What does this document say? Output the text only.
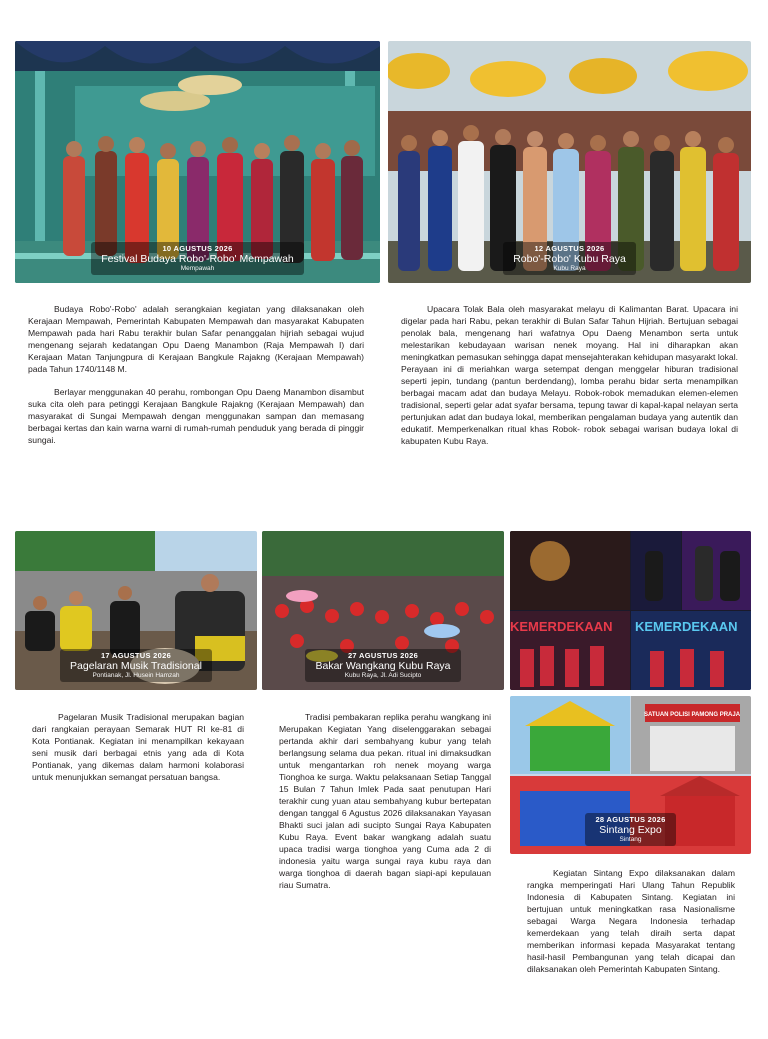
10 AGUSTUS 2026
Festival Budaya Robo'-Robo' Mempawah
Mempawah
12 AGUSTUS 2026
Robo'-Robo' Kubu Raya
Kubu Raya

Budaya Robo'-Robo' adalah serangkaian kegiatan yang dilaksanakan oleh Kerajaan Mempawah, Pemerintah Kabupaten Mempawah dan masyarakat Kabupaten Mempawah pada hari Rabu terakhir bulan Safar penanggalan hijriah sebagai wujud mengenang sejarah kedatangan Opu Daeng Manambon (Raja Mempawah I) dari Kerajaan Matan Tanjungpura di Kerajaan Bangkule Rajakng (Kerajaan Mempawah) pada Tahun 1740/1148 M.

Berlayar menggunakan 40 perahu, rombongan Opu Daeng Manambon disambut suka cita oleh para petinggi Kerajaan Bangkule Rajakng (Kerajaan Mempawah) dan masyarakat di Sungai Mempawah dengan menggunakan sampan dan memasang berbagai kertas dan kain warna warni di rumah-rumah penduduk yang berada di pinggir sungai.

Upacara Tolak Bala oleh masyarakat melayu di Kalimantan Barat. Upacara ini digelar pada hari Rabu, pekan terakhir di Bulan Safar Tahun Hijriah. Bertujuan sebagai penolak bala, mengenang hari wafatnya Opu Daeng Menambon serta untuk melestarikan kebudayaan warisan nenek moyang. Hal ini diharapkan akan meningkatkan pemasukan sehingga dapat mensejahterakan kehidupan masyarakt lokal. Perayaan ini di meriahkan warga setempat dengan menggelar hiburan tradisional seperti jepin, tundang (pantun berdendang), lomba perahu bidar serta menampilkan berbagai macam adat dan budaya Melayu. Robok-robok memadukan elemen-elemen tradisional, seperti gelar adat syafar bersama, tepung tawar di kapal-kapal nelayan serta pertunjukan adat dan budaya lokal, memberikan pengalaman budaya yang autentik dan edukatif. Memperkenalkan ritual khas Robok- robok sebagai warisan budaya lokal di kabupaten Kubu Raya.

17 AGUSTUS 2026
Pagelaran Musik Tradisional
Pontianak, Jl. Husein Hamzah
27 AGUSTUS 2026
Bakar Wangkang Kubu Raya
Kubu Raya, Jl. Adi Sucipto
KEMERDEKAAN KEMERDEKAAN
SATUAN POLISI PAMONG PRAJA
28 AGUSTUS 2026
Sintang Expo
Sintang

Pagelaran Musik Tradisional merupakan bagian dari rangkaian perayaan Semarak HUT RI ke-81 di Kota Pontianak. Kegiatan ini menampilkan kekayaan seni musik dari berbagai etnis yang ada di Kota Pontianak, yang dikemas dalam harmoni kolaborasi untuk menunjukkan semangat persatuan bangsa.

Tradisi pembakaran replika perahu wangkang ini Merupakan Kegiatan Yang diselenggarakan sebagai pertanda akhir dari sembahyang kubur yang telah berlangsung selama dua pekan. ritual ini dimaksudkan untuk mengantarkan roh nenek moyang warga Tionghoa ke surga. Waktu pelaksanaan Setiap Tanggal 15 Bulan 7 Tahun Imlek Pada saat penutupan Hari terakhir cung yuan atau sembahyang kubur bertepatan dengan tanggal 6 Agustus 2026 dilaksanakan Yayasan Bhakti suci jalan adi sucipto Sungai Raya Kabupaten Kubu Raya. Event bakar wangkang adalah suatu upaca tradisi warga tionghoa yang Cuma ada 2 di indonesia yaitu warga sungai raya kubu raya dan warga tionghoa di daerah bagan siapi-api kepulauan riau Sumatra.

Kegiatan Sintang Expo dilaksanakan dalam rangka memperingati Hari Ulang Tahun Republik Indonesia di Kabupaten Sintang. Kegiatan ini bertujuan untuk meningkatkan rasa Nasionalisme sebagai Warga Negara Indonesia terhadap kemerdekaan yang telah diraih serta dapat memberikan informasi kepada Masyarakat tentang hasil-hasil Pembangunan yang telah dicapai dan dilaksanakan oleh Pemerintah Kabupaten Sintang.
